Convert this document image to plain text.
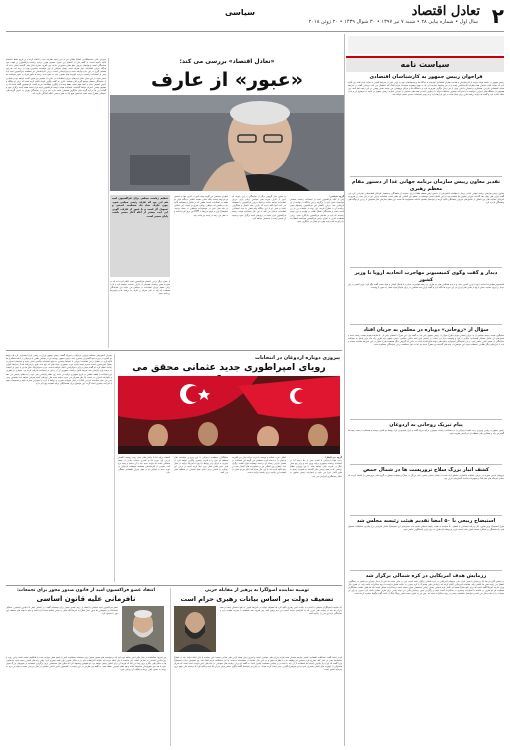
۲
تعادل اقتصاد
سال اول • شماره پیاپی ۲۸ • شنبه ۷ تیر ۱۳۹۷ • ۳۰ شوال ۱۴۳۹ • ۲۰ ژوئن ۲۰۱۸
سیاسی
«تعادل اقتصاد» بررسی می کند:
«عبور» از عارف

گروه سیاسی:

پس از آنکه فراکسیون امید در انتخابات ریاست مجلس نتوانست نامزد خود را برگزیند و این جایگاه در نهایت از آن لاریجانی شد، برخی اعضای این فراکسیون پیشنهاد تغییر ریاست آن را مطرح کردند. این روند در جلسات پی در پی ادامه یافت و نمایندگان اصلاح طلب در نهایت به این نتیجه رسیدند که باید در ساختار فراکسیون بازنگری شود. برخی معتقدند عارف به عنوان رئیس فراکسیون نتوانسته انتظارات را برآورده کند و باید چهره ای فعال تر جایگزین شود.

در همین حال گروهی دیگر از نمایندگان بر این باورند که عبور از عارف هزینه های سیاسی زیادی برای جریان اصلاحات خواهد داشت و اتحاد درونی فراکسیون را تضعیف می کند. آنها تأکید دارند که عارف نماد اعتدال و همگرایی است و حذف او از این جایگاه پیام منفی به بدنه اجتماعی اصلاحات ارسال می کند. با این حال انتخابات هیئت رئیسه فراکسیون قرار است در روزهای آینده برگزار شود و نتیجه آن مسیر آینده را مشخص خواهد کرد.

ناظران سیاسی می گویند بحث عبور از عارف تنها به شخص او مربوط نیست بلکه نشان دهنده اختلاف دیدگاه میان دو طیف در اصلاحات است؛ طیفی که بر تعامل و مصالحه تأکید دارد و طیفی که خواهان رویکرد صریح تر است. این اختلاف در ماه های اخیر در موضوعات مختلفی از جمله بودجه، استیضاح وزرا و لوایح مرتبط با FATF نیز بروز کرده است و به نظر می رسد در آینده نیز ادامه یابد.

تنظیم ریاست مجلس برای فراکسیون امید هم این بود که عارف رئیس مجلس شود. چون عارف نماد یک مصلحت اندیش و تسهیل گر است و با عبور از عارف، گویی این ایده بیشتر از آنکه آغاز مسیر باشد، پایان مسیر است.

از سوی دیگر برخی اعضای فراکسیون امید اعلام کرده اند که در صورت تغییر ریاست، همچنان از عارف حمایت خواهند کرد و او را ریش سفید جریان اصلاحات در مجلس می دانند. این نمایندگان معتقدند که باید به جای تمرکز بر افراد، به برنامه ها و راهبردها پرداخته شود.

شورای عالی سیاستگذاری اصلاح طلبان نیز در این زمینه نظرات خود را اعلام کرده و بر لزوم حفظ انسجام تأکید داشته است. به گفته یکی از اعضای این شورا، تصمیم نهایی درباره ریاست فراکسیون بر عهده خود نمایندگان است و نهادهای بیرونی تنها نقش مشورتی دارند. وی افزود: تجربه سال های گذشته نشان داده که هرگاه جریان اصلاحات دچار تفرقه شده، رقبای سیاسی از این موقعیت بیشترین بهره را برده اند. بنابراین تصمیم گیری در این باره نیازمند دقت و دوراندیشی است. برخی کارشناسان نیز معتقدند فراکسیون امید باید پیش از انتخابات ریاست، درباره اولویت های تقنینی خود به جمع بندی برسد تا تغییر افراد به تغییر سیاست ها منجر شود. در این میان نقش لیدرهای جریان اصلاحات در خارج از مجلس نیز تعیین کننده خواهد بود و بسیاری از نمایندگان منتظر موضع گیری آنان هستند. عارف در گفت وگویی کوتاه اعلام کرده است که برای او جایگاه و عنوان اهمیتی ندارد و آنچه مهم است حفظ وحدت و پیگیری مطالبات مردم است. او همچنین گفته است که به تصمیم جمعی احترام خواهد گذاشت. انتخابات هیئت رئیسه فراکسیون امید قرار است هفته آینده برگزار شود و گمانه زنی ها درباره گزینه های جایگزین همچنان ادامه دارد. نام برخی از نمایندگان تهران به عنوان گزینه های احتمالی مطرح شده است اما هنوز هیچ یک به طور رسمی اعلام آمادگی نکرده اند.

پیروزی دوباره اردوغان در انتخابات
رویای امپراطوری جدید عثمانی محقق می

گروه بین الملل:

رجب طیب اردوغان با کسب بیش از ۵۲ درصد آرا در انتخابات ریاست جمهوری ترکیه پیروز شد و برای پنج سال دیگر در قدرت باقی خواهد ماند. با این پیروزی نظام ریاستی که در همه پرسی سال گذشته به تصویب رسید به طور کامل اجرا می شود و اختیارات رئیس جمهور به شکل چشمگیری افزایش می یابد.

ائتلاف حزب عدالت و توسعه با حزب حرکت ملی نیز اکثریت پارلمان را به دست آورد. منتقدان می گویند این انتخابات در فضای نابرابر رسانه ای و تحت وضعیت فوق العاده برگزار شد. ناظران بین المللی نیز بر محدودیت های اعمال شده بر رقبا تأکید کرده اند. با این حال مشارکت بالای مردم نشان از اهمیت این رقابت برای جامعه ترکیه داشت.

تحلیلگران معتقدند اردوغان با این پیروزی سیاست های منطقه ای خود را با قدرت بیشتری پیگیری خواهد کرد. از سوریه تا عراق و از روابط با اروپا تا آمریکا، ترکیه در سال های اخیر نقش فعال تری ایفا کرده است و برخی این رویکرد را تلاشی برای احیای نفوذ عثمانی در منطقه تعبیر می کنند.

اقتصاد ترکیه اما با چالش های جدی روبه روست؛ کاهش ارزش لیر، تورم بالا و کسری حساب جاری از جمله مسائلی است که دولت جدید باید با آن دست و پنجه نرم کند. بسیاری از کارشناسان معتقدند موفقیت اردوغان در دوره جدید به توانایی او در مهار بحران اقتصادی بستگی دارد.

رهبران کشورهای مختلف پیروزی اردوغان را تبریک گفتند. رئیس جمهور ایران در پیامی ابراز امیدواری کرد که روابط دو کشور در دوره جدید گسترش بیشتری یابد. رئیس جمهور روسیه نیز در تماسی تلفنی با اردوغان بر ادامه همکاری ها تأکید کرد. در مقابل برخی مقامات اروپایی با احتیاط بیشتری به نتایج انتخابات واکنش نشان دادند و خواستار احترام به حقوق اپوزیسیون شدند. محرم اینجه نامزد حزب جمهوری خواه خلق که دوم شد، نتایج را پذیرفت اما از شرایط نابرابر رقابت انتقاد کرد. او گفت مبارزه برای دموکراسی ادامه خواهد داشت. حزب دموکراتیک خلق ها نیز با عبور از آستانه ده درصد وارد پارلمان شد، هرچند نامزد ریاست جمهوری آن از زندان در انتخابات شرکت کرده بود. بسیاری از ناظران این انتخابات را نقطه عطفی در تاریخ جمهوری ترکیه می دانند زیرا نظام پارلمانی جای خود را به نظام ریاستی می دهد و اختیارات اجرایی در دست یک نفر متمرکز می شود. دولت جدید طی روزهای آینده معرفی خواهد شد. همچنین پیش بینی می شود سیاست خارجی آنکارا در قبال تحولات سوریه و روابط با غرب با تغییراتی همراه باشد و تصمیمات مهم با سرعت بیشتری اتخاذ گردد. این موضوع برای همسایگان ترکیه اهمیت ویژه ای دارد.

توصیه نماینده اصولگرا به پرهیز از مقابله حزبی
تضعیف دولت بر اساس بیانات رهبری حرام است

یک نماینده اصولگرای مجلس با اشاره به بیانات اخیر رهبری تأکید کرد که تضعیف دولت در شرایط کنونی به نفع دشمنان است و همه جریان ها باید از رقابت های حزبی که به کارآمدی دولت آسیب می زند پرهیز کنند. وی افزود: نقد منصفانه با تخریب تفاوت دارد و نمایندگان باید این مرز را رعایت کنند.

او در ادامه گفت: مشکلات اقتصادی کشور نیازمند همدلی همه قوا و جریان های سیاسی است و امروز زمان صف آرایی های جناحی نیست. این نماینده با بیان اینکه دولت باید در اصلاح ساختارها جدی تر عمل کند، تصریح کرد: مجلس نیز وظیفه دارد با نظارت دقیق و در عین حال حمایت از تصمیمات درست، به حل مشکلات مردم کمک کند. وی همچنین درباره استیضاح وزرا گفت که این ابزار قانونی است اما استفاده از آن باید با دقت و بر اساس مصلحت کشور باشد. به گفته او برخی رقابت های سیاسی در ماه های اخیر موجب شده است که تمرکز مسئولان از اولویت های اصلی منحرف شود و این موضوع نگرانی جدی ایجاد کرده است. در پایان او خواستار گفت وگوی بیشتر میان جریان ها شد و تأکید کرد که وحدت ملی مهم ترین سرمایه کشور است.

انتقاد عضو فراکسیون امید از قانون صدور مجوز برای تجمعات:
نافرمانی علیه قانون اساسی

عضو فراکسیون امید مجلس با انتقاد از روند صدور مجوز برای تجمعات گفت: بر اساس اصل ۲۷ قانون اساسی، تشکیل اجتماعات و راهپیمایی ها بدون حمل سلاح به شرط آنکه مخل به مبانی اسلام نباشد آزاد است و نباید با بهانه های مختلف این حق را محدود کرد.

وی افزود: متأسفانه در سال های اخیر شاهد بوده ایم که درخواست های صدور مجوز برای تجمعات مسالمت آمیز با پاسخ منفی مواجه شده یا بلاتکلیف مانده است و این رویه با روح قانون اساسی در تعارض است. این نماینده با بیان اینکه مردم باید بتوانند اعتراضات خود را به شکل قانونی بیان کنند، تصریح کرد: وقتی راه های قانونی بسته شود، نارضایتی ها به شکل های دیگری بروز پیدا می کند که هزینه آن برای کشور بیشتر خواهد بود. او همچنین پیشنهاد کرد که مکان های مشخصی برای برگزاری تجمعات در شهرهای بزرگ تعیین شود تا هم حق شهروندان محفوظ بماند و هم نظم عمومی حفظ شود. به گفته وی طرحی در این زمینه در کمیسیون امور داخلی مجلس در حال بررسی است و امید می رود به زودی به صحن علنی برسد و تکلیف آن روشن شود.

سیاست نامه
فراخوان رییس جمهور به کارشناسان اقتصادی

رئیس جمهور در جلسه هیئت دولت از کارشناسان و صاحب نظران اقتصادی خواست تا دیدگاه ها و پیشنهادهای خود را برای عبور از شرایط کنونی به دولت ارائه کنند. وی تأکید کرد که دولت آماده شنیدن همه نظرات کارشناسی است و از هر پیشنهاد سازنده ای که به بهبود وضعیت معیشت مردم کمک کند استقبال می کند. روحانی گفت در شرایط فشار اقتصادی خارجی، همفکری و همدلی داخلی بیش از هر زمان دیگری ضرورت دارد و دانشگاه ها و مراکز پژوهشی می توانند نقش مهمی در این زمینه ایفا کنند. وی همچنین از دستگاه های اجرایی خواست تا با سرعت بیشتری مشکلات تولید را برطرف کنند و بسته های حمایتی را اجرایی سازند. رئیس جمهور در ادامه به موضوع ارز و بازار سکه اشاره کرد و گفت که دولت برنامه هایی برای ایجاد ثبات در این بازارها دارد و به زودی اقدامات جدیدی انجام خواهد شد.

تقدیر معاون رییس سازمان برنامه جهانی غذا از دستور مقام معظم رهبری

معاون رئیس سازمان برنامه جهانی غذا در دیدار با مقامات کشورمان از دستور رهبر معظم انقلاب برای حمایت از پناهندگان و تحصیل کودکان افغانستانی قدردانی کرد. وی گفت ایران طی چهار دهه گذشته میزبان میلیون ها پناهنده بوده و این اقدام انسان دوستانه در سطح بین المللی کم نظیر است. مقامات ایرانی نیز در این دیدار بر ضرورت افزایش حمایت های بین المللی از کشورهای میزبان پناهندگان تأکید کردند و خواستار تقسیم عادلانه مسئولیت ها شدند. این مقام سازمان ملل همچنین از برخی اردوگاه های پناهندگان بازدید کرد.

دیدار و گفت وگوی کمیسیونر مهاجرت اتحادیه اروپا با وزیر کشور

کمیسیونر مهاجرت اتحادیه اروپا با وزیر کشور دیدار و درباره همکاری های دو طرف در زمینه مهاجرت، مبارزه با قاچاق انسان و مواد مخدر گفت وگو کرد. وزیر کشور در این دیدار بر لزوم حمایت عملی اروپا از تلاش های ایران در این حوزه ها تأکید کرد و گفت ایران سد محکمی در برابر قاچاق مواد مخدر به سوی اروپاست.

سؤال از «روحانی» دوباره در مجلس به جریان افتاد

سخنگوی هیئت رئیسه مجلس از به جریان افتادن دوباره طرح سؤال از رئیس جمهور خبر داد. به گفته وی، این طرح با امضای بیش از ۸۰ نماینده تقدیم هیئت رئیسه شده و محورهای آن شامل مسائل اقتصادی، بیکاری، رکود و وضعیت بازار ارز است. بر اساس آیین نامه داخلی مجلس، رئیس جمهور باید ظرف یک ماه برای پاسخ به سؤالات نمایندگان در صحن علنی حاضر شود. برخی نمایندگان امیدوارند پاسخ های دولت قانع کننده باشد، در حالی که گروهی دیگر معتقدند طرح سؤال در این شرایط مناسب نیست و باید از ابزارهای دیگر نظارتی استفاده شود. این موضوع در ماه های گذشته نیز مطرح شده بود اما به دلیل مخالفت برخی نمایندگان مسکوت ماند.

پیام تبریک روحانی به اردوغان

رئیس جمهور در پیامی پیروزی رجب طیب اردوغان را در انتخابات ریاست جمهوری ترکیه تبریک گفت و ابراز امیدواری کرد روابط دو کشور دوست و همسایه در همه زمینه ها گسترش یابد و همکاری های منطقه ای دو کشور تقویت شود.

کشف انبار بزرگ سلاح تروریست ها در شمال حمص

نیروهای ارتش سوریه در جریان عملیات پاکسازی مناطق آزاد شده در شمال استان حمص، انبار بزرگی از سلاح و مهمات متعلق به گروه های تروریستی را کشف کردند که شامل موشک های ضد تانک و تجهیزات ساخت کشورهای غربی بود.

استیضاح ربیعی با ۵۰ امضا تقدیم هیئت رئیسه مجلس شد

طرح استیضاح وزیر تعاون، کار و رفاه اجتماعی با امضای ۵۰ نماینده به هیئت رئیسه مجلس تقدیم شد. محورهای این استیضاح شامل افزایش نرخ بیکاری، مشکلات صندوق های بازنشستگی و عملکرد شستا عنوان شده است. وزیر مربوطه باید ظرف ده روز برای پاسخگویی حاضر شود.

رزمایش هدف آمریکایی در کره شمالی برگزار شد

بر اساس گزارش ها، یک رزمایش با هدف قرار دادن نیروهای آمریکایی در کره شمالی برگزار شده است. این در حالی است که پس از دیدار رهبران دو کشور در سنگاپور، انتظار می رفت تنش ها کاهش یابد. مقامات آمریکایی اعلام کرده اند رزمایش های مشترک با کره جنوبی به حالت تعلیق درآمده تا روند مذاکرات ادامه یابد. در همین حال وزیر خارجه آمریکا گفته است که برای خلع سلاح هسته ای کامل کره شمالی جدول زمانی مشخصی تعیین نشده است و مذاکرات ممکن است ماه ها طول بکشد. تحلیلگران معتقدند هر دو طرف در تلاشند تا امتیازات بیشتری در مذاکرات کسب کنند و برگزاری چنین رزمایش هایی می تواند پیامی برای طرف مقابل باشد. کره جنوبی و ژاپن نیز تحولات را با دقت دنبال می کنند و خواستار شفافیت بیشتر در روند مذاکرات شده اند. چین نیز به عنوان متحد اصلی پیونگ یانگ از ادامه گفت وگوها حمایت کرده است.
